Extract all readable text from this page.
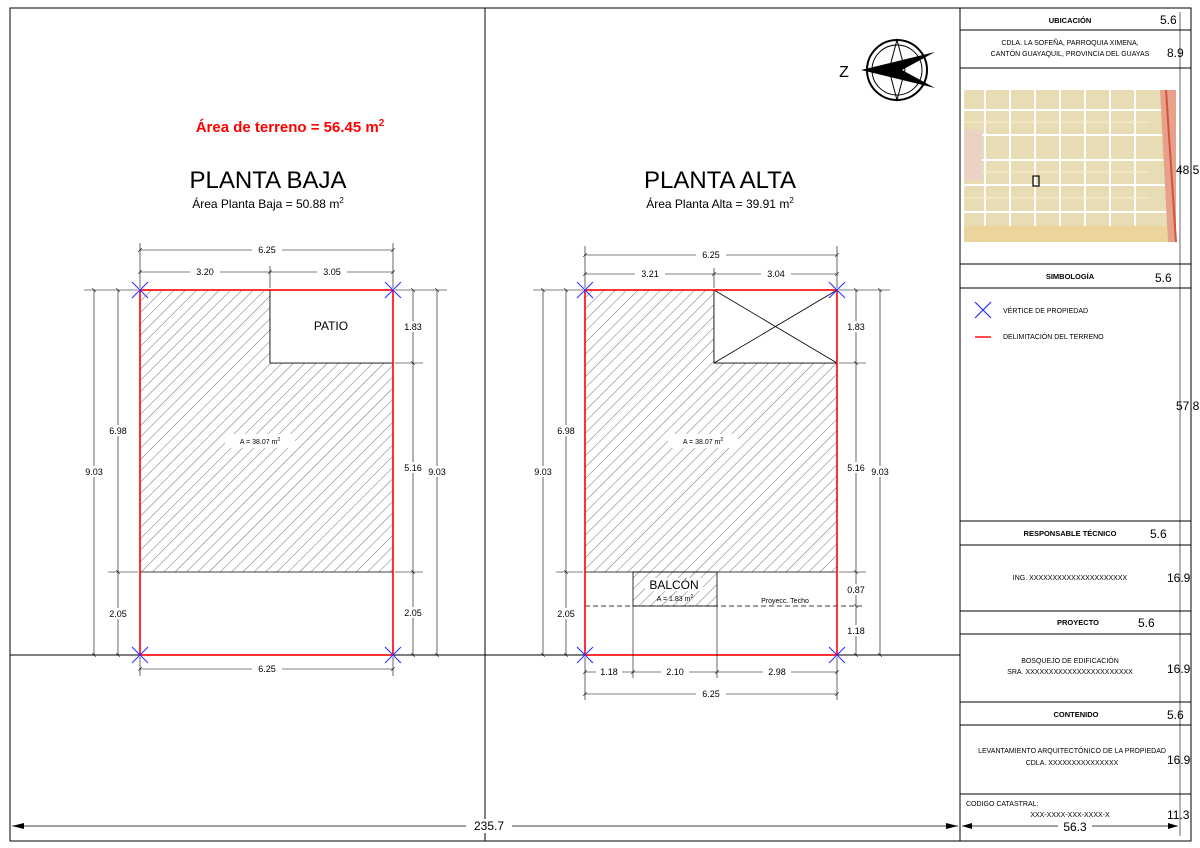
235.7
Área de terreno = 56.45 $m^2$
PLANTA BAJA
Área Planta Baja = 50.88 $m^2$
PATIO
A = 38.07 $m^2$
6.25
3.20	3.05
9.03
6.98
2.05
1.83
5.16
2.05
9.03
6.25
PLANTA ALTA
Área Planta Alta = 39.91 $m^2$
A = 38.07 $m^2$
BALCÓN
A = 1.83 $m^2$
Proyecc. Techo
6.25
3.21	3.04
9.03
6.98
2.05
1.83
5.16
0.87
1.18
9.03
1.18	2.10	2.98
6.25
Z
UBICACIÓN	5.6
CDLA. LA SOFEÑA, PARROQUIA XIMENA,
CANTÓN GUAYAQUIL, PROVINCIA DEL GUAYAS 8.9
48.5
SIMBOLOGÍA	5.6
VÉRTICE DE PROPIEDAD
DELIMITACIÓN DEL TERRENO
57.8
RESPONSABLE TÉCNICO	5.6
ING. XXXXXXXXXXXXXXXXXXXXX	16.9
PROYECTO	5.6
BOSQUEJO DE EDIFICACIÓN
SRA. XXXXXXXXXXXXXXXXXXXXXXX	16.9
CONTENIDO	5.6
LEVANTAMIENTO ARQUITECTÓNICO DE LA PROPIEDAD
CDLA. XXXXXXXXXXXXXXX	16.9
CODIGO CATASTRAL:
XXX-XXXX-XXX-XXXX-X	11.3
56.3
